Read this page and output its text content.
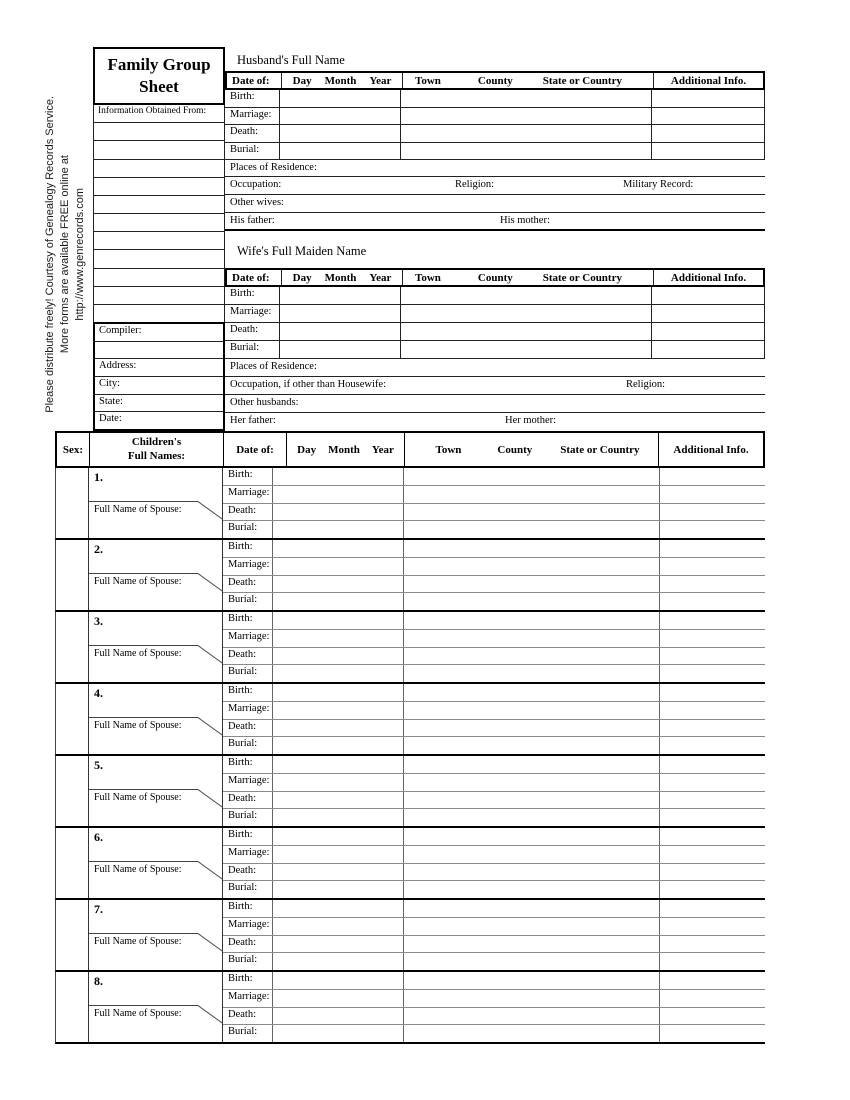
Please distribute freely! Courtesy of Genealogy Records Service. More forms are available FREE online at http://www.genrecords.com
Family Group
Sheet
Information Obtained From:
Compiler:
Address:
City:
State:
Date:
Husband's Full Name
Date of:	Day Month Year Town	County	State or Country	Additional Info.
Birth:
Marriage:
Death:
Burial:
Places of Residence:
Occupation:	Religion:	Military Record:
Other wives:
His father:	His mother:
Wife's Full Maiden Name
Date of:	Day Month Year Town	County	State or Country	Additional Info.
Birth:
Marriage:
Death:
Burial:
Places of Residence:
Occupation, if other than Housewife:	Religion:
Other husbands:
Her father:	Her mother:
Sex:
Children's
Full Names:	Date of:	Day Month Year	Town	County	State or Country	Additional Info.
1.
Full Name of Spouse:
Birth:
Marriage:
Death:
Burial:
2.
Full Name of Spouse:
Birth:
Marriage:
Death:
Burial:
3.
Full Name of Spouse:
Birth:
Marriage:
Death:
Burial:
4.
Full Name of Spouse:
Birth:
Marriage:
Death:
Burial:
5.
Full Name of Spouse:
Birth:
Marriage:
Death:
Burial:
6.
Full Name of Spouse:
Birth:
Marriage:
Death:
Burial:
7.
Full Name of Spouse:
Birth:
Marriage:
Death:
Burial:
8.
Full Name of Spouse:
Birth:
Marriage:
Death:
Burial:
